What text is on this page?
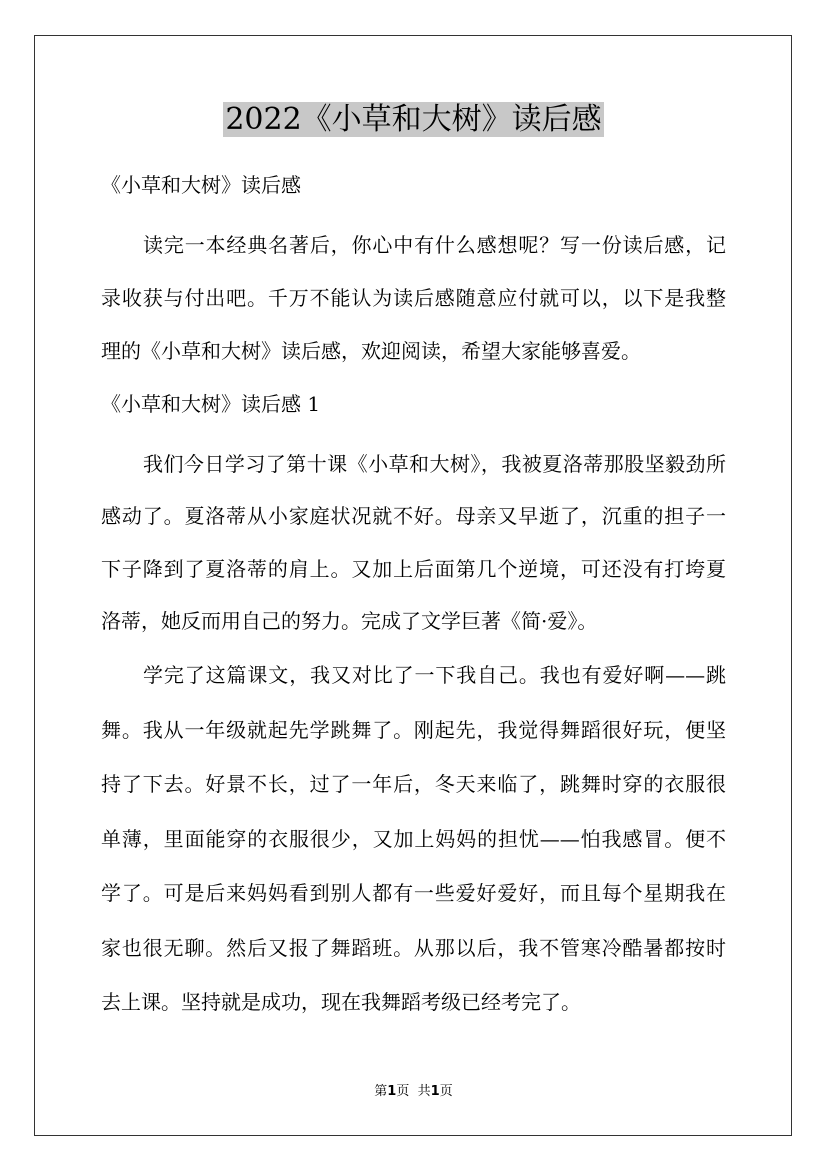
2022《小草和大树》读后感
《小草和大树》读后感
读完一本经典名著后，你心中有什么感想呢？写一份读后感，记
录收获与付出吧。千万不能认为读后感随意应付就可以，以下是我整
理的《小草和大树》读后感，欢迎阅读，希望大家能够喜爱。
《小草和大树》读后感 1
我们今日学习了第十课《小草和大树》，我被夏洛蒂那股坚毅劲所
感动了。夏洛蒂从小家庭状况就不好。母亲又早逝了，沉重的担子一
下子降到了夏洛蒂的肩上。又加上后面第几个逆境，可还没有打垮夏
洛蒂，她反而用自己的努力。完成了文学巨著《简·爱》。
学完了这篇课文，我又对比了一下我自己。我也有爱好啊——跳
舞。我从一年级就起先学跳舞了。刚起先，我觉得舞蹈很好玩，便坚
持了下去。好景不长，过了一年后，冬天来临了，跳舞时穿的衣服很
单薄，里面能穿的衣服很少，又加上妈妈的担忧——怕我感冒。便不
学了。可是后来妈妈看到别人都有一些爱好爱好，而且每个星期我在
家也很无聊。然后又报了舞蹈班。从那以后，我不管寒冷酷暑都按时
去上课。坚持就是成功，现在我舞蹈考级已经考完了。
第1页 共1页
